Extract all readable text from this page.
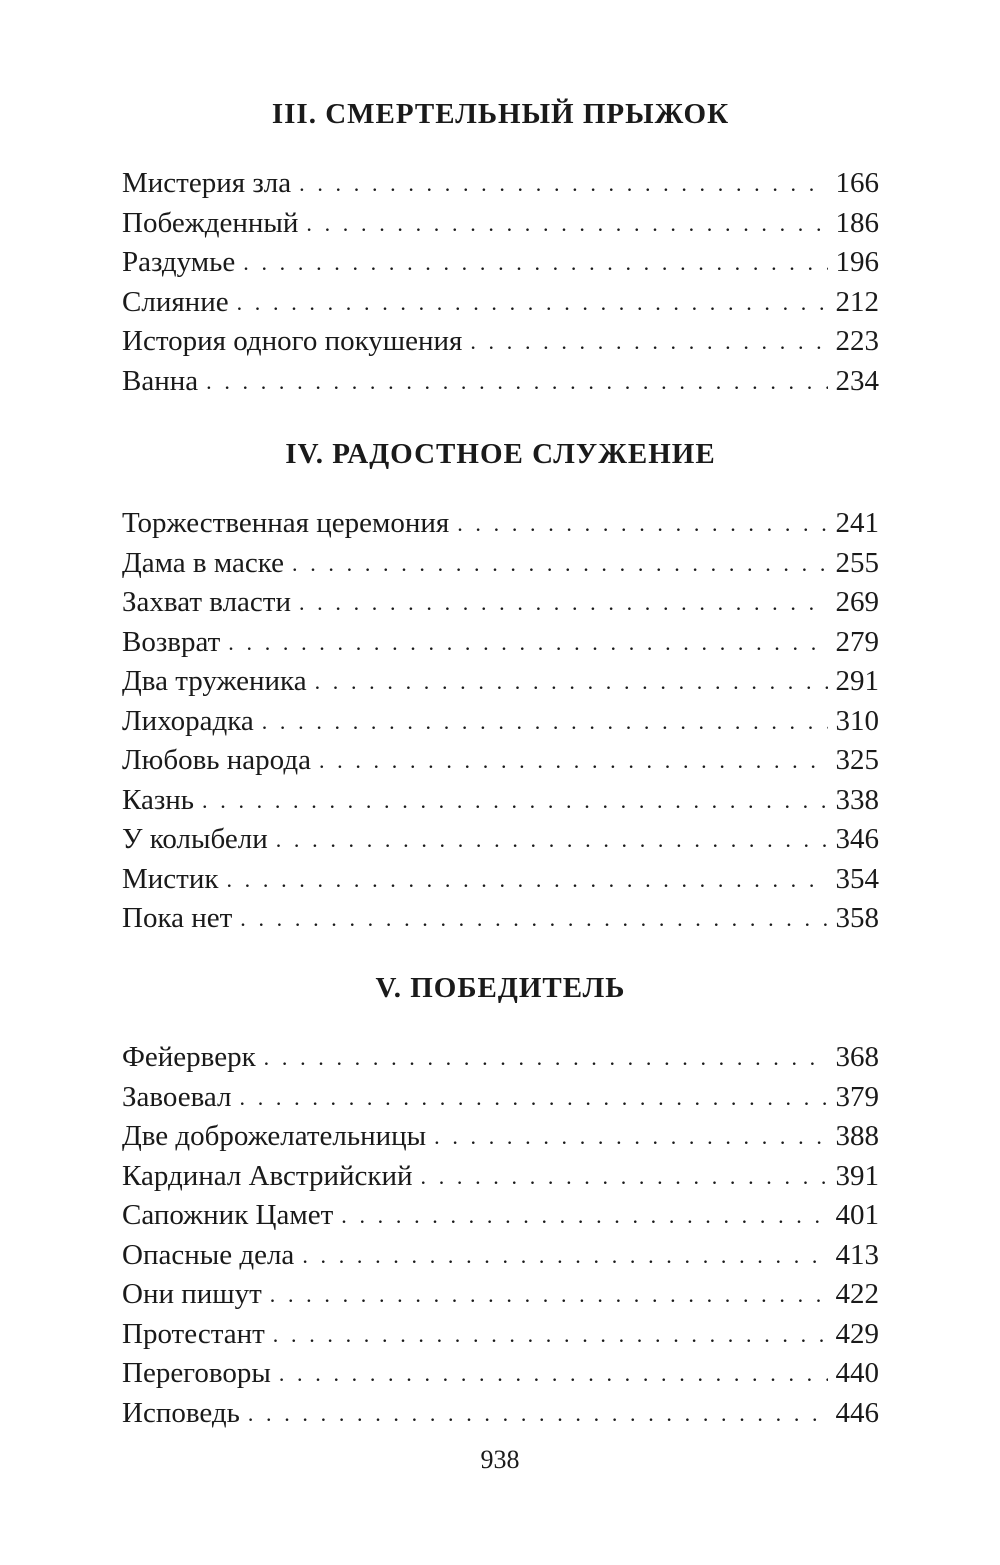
III. СМЕРТЕЛЬНЫЙ ПРЫЖОК
Мистерия зла . . .	166
Побежденный . . .	186
Раздумье . . .	196
Слияние . . .	212
История одного покушения . . .	223
Ванна . . .	234
IV. РАДОСТНОЕ СЛУЖЕНИЕ
Торжественная церемония . . .	241
Дама в маске . . .	255
Захват власти . . .	269
Возврат . . .	279
Два труженика . . .	291
Лихорадка . . .	310
Любовь народа . . .	325
Казнь . . .	338
У колыбели . . .	346
Мистик . . .	354
Пока нет . . .	358
V. ПОБЕДИТЕЛЬ
Фейерверк . . .	368
Завоевал . . .	379
Две доброжелательницы . . .	388
Кардинал Австрийский . . .	391
Сапожник Цамет . . .	401
Опасные дела . . .	413
Они пишут . . .	422
Протестант . . .	429
Переговоры . . .	440
Исповедь . . .	446
938
